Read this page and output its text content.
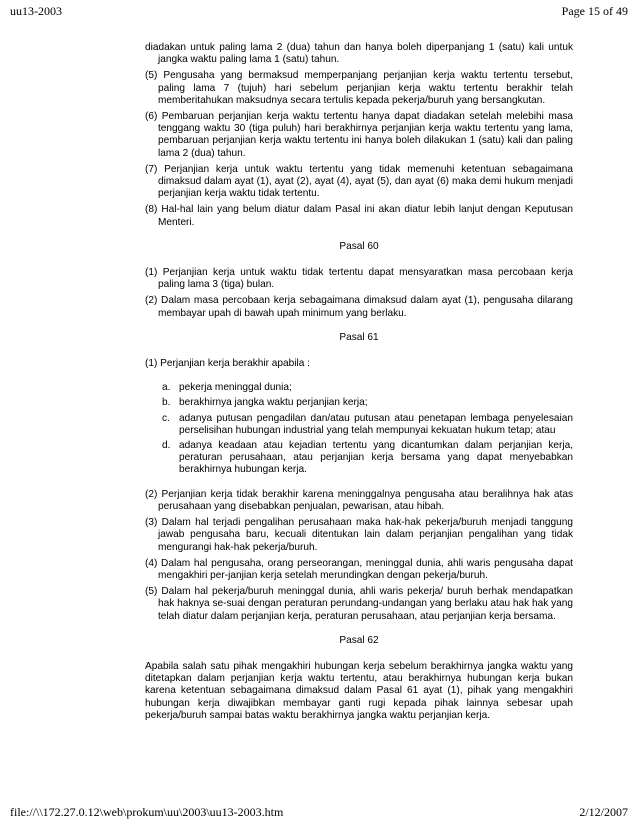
uu13-2003	Page 15 of 49

diadakan untuk paling lama 2 (dua) tahun dan hanya boleh diperpanjang 1 (satu) kali untuk jangka waktu paling lama 1 (satu) tahun.

(5) Pengusaha yang bermaksud memperpanjang perjanjian kerja waktu tertentu tersebut, paling lama 7 (tujuh) hari sebelum perjanjian kerja waktu tertentu berakhir telah memberitahukan maksudnya secara tertulis kepada pekerja/buruh yang bersangkutan.

(6) Pembaruan perjanjian kerja waktu tertentu hanya dapat diadakan setelah melebihi masa tenggang waktu 30 (tiga puluh) hari berakhirnya perjanjian kerja waktu tertentu yang lama, pembaruan perjanjian kerja waktu tertentu ini hanya boleh dilakukan 1 (satu) kali dan paling lama 2 (dua) tahun.

(7) Perjanjian kerja untuk waktu tertentu yang tidak memenuhi ketentuan sebagaimana dimaksud dalam ayat (1), ayat (2), ayat (4), ayat (5), dan ayat (6) maka demi hukum menjadi perjanjian kerja waktu tidak tertentu.

(8) Hal-hal lain yang belum diatur dalam Pasal ini akan diatur lebih lanjut dengan Keputusan Menteri.

Pasal 60

(1) Perjanjian kerja untuk waktu tidak tertentu dapat mensyaratkan masa percobaan kerja paling lama 3 (tiga) bulan.

(2) Dalam masa percobaan kerja sebagaimana dimaksud dalam ayat (1), pengusaha dilarang membayar upah di bawah upah minimum yang berlaku.

Pasal 61

(1) Perjanjian kerja berakhir apabila :

a. pekerja meninggal dunia;
b. berakhirnya jangka waktu perjanjian kerja;
c. adanya putusan pengadilan dan/atau putusan atau penetapan lembaga penyelesaian perselisihan hubungan industrial yang telah mempunyai kekuatan hukum tetap; atau
d. adanya keadaan atau kejadian tertentu yang dicantumkan dalam perjanjian kerja, peraturan perusahaan, atau perjanjian kerja bersama yang dapat menyebabkan berakhirnya hubungan kerja.

(2) Perjanjian kerja tidak berakhir karena meninggalnya pengusaha atau beralihnya hak atas perusahaan yang disebabkan penjualan, pewarisan, atau hibah.

(3) Dalam hal terjadi pengalihan perusahaan maka hak-hak pekerja/buruh menjadi tanggung jawab pengusaha baru, kecuali ditentukan lain dalam perjanjian pengalihan yang tidak mengurangi hak-hak pekerja/buruh.

(4) Dalam hal pengusaha, orang perseorangan, meninggal dunia, ahli waris pengusaha dapat mengakhiri per-janjian kerja setelah merundingkan dengan pekerja/buruh.

(5) Dalam hal pekerja/buruh meninggal dunia, ahli waris pekerja/ buruh berhak mendapatkan hak haknya se-suai dengan peraturan perundang-undangan yang berlaku atau hak hak yang telah diatur dalam perjanjian kerja, peraturan perusahaan, atau perjanjian kerja bersama.

Pasal 62

Apabila salah satu pihak mengakhiri hubungan kerja sebelum berakhirnya jangka waktu yang ditetapkan dalam perjanjian kerja waktu tertentu, atau berakhirnya hubungan kerja bukan karena ketentuan sebagaimana dimaksud dalam Pasal 61 ayat (1), pihak yang mengakhiri hubungan kerja diwajibkan membayar ganti rugi kepada pihak lainnya sebesar upah pekerja/buruh sampai batas waktu berakhirnya jangka waktu perjanjian kerja.

file://\\172.27.0.12\web\prokum\uu\2003\uu13-2003.htm	2/12/2007
